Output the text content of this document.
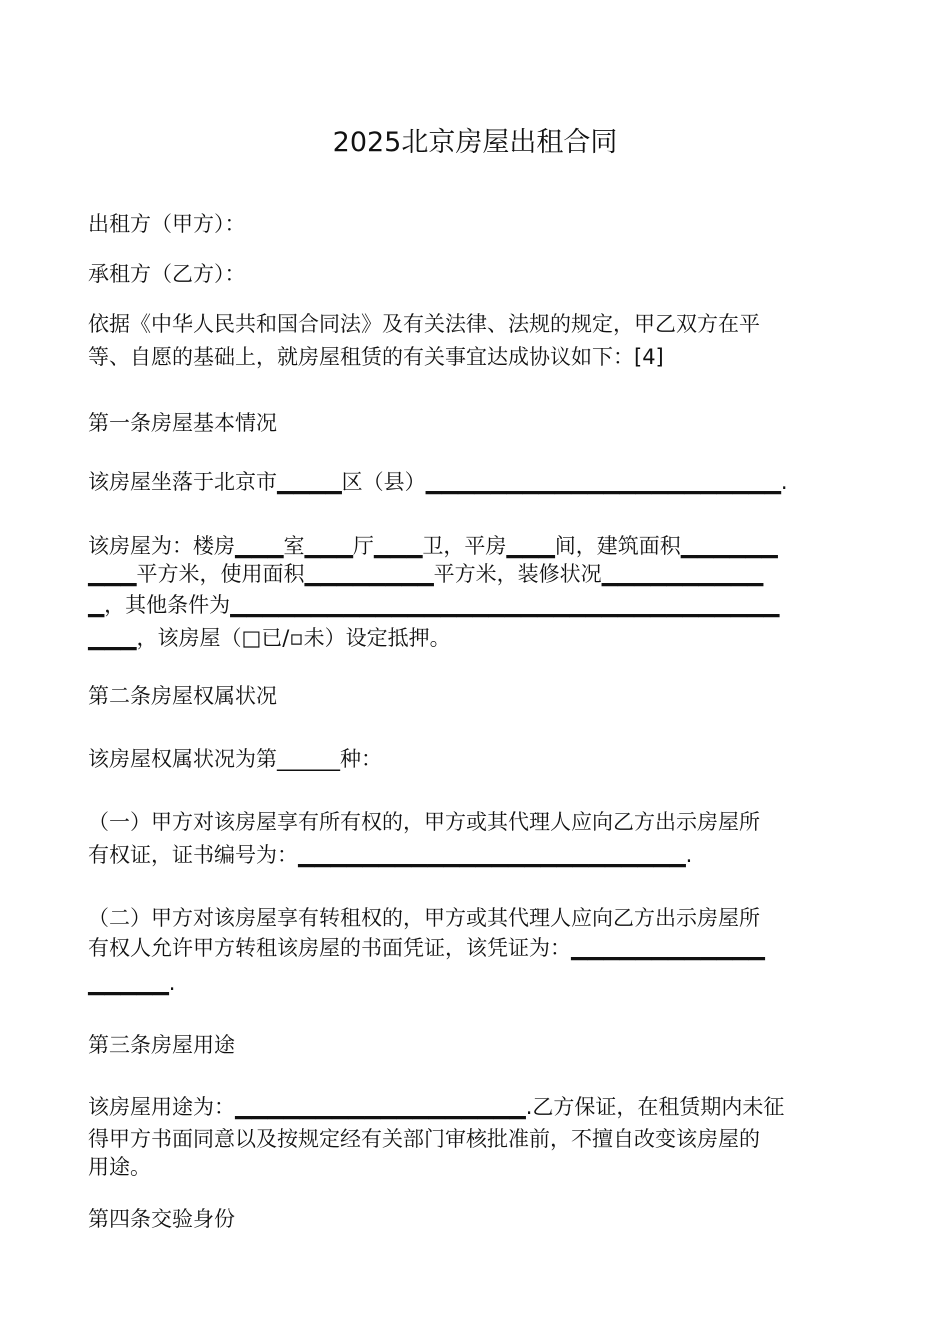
2025北京房屋出租合同
出租方（甲方）：
承租方（乙方）：
依据《中华人民共和国合同法》及有关法律、法规的规定，甲乙双方在平
等、自愿的基础上，就房屋租赁的有关事宜达成协议如下：[4]
第一条房屋基本情况
该房屋坐落于北京市▁▁▁▁区（县）▁▁▁▁▁▁▁▁▁▁▁▁▁▁▁▁▁▁▁▁▁▁.
该房屋为：楼房▁▁▁室▁▁▁厅▁▁▁卫，平房▁▁▁间，建筑面积▁▁▁▁▁▁
▁▁▁平方米，使用面积▁▁▁▁▁▁▁▁平方米，装修状况▁▁▁▁▁▁▁▁▁▁
▁，其他条件为▁▁▁▁▁▁▁▁▁▁▁▁▁▁▁▁▁▁▁▁▁▁▁▁▁▁▁▁▁▁▁▁▁▁
▁▁▁，该房屋（□已/▫未）设定抵押。
第二条房屋权属状况
该房屋权属状况为第______种：
（一）甲方对该房屋享有所有权的，甲方或其代理人应向乙方出示房屋所
有权证，证书编号为：▁▁▁▁▁▁▁▁▁▁▁▁▁▁▁▁▁▁▁▁▁▁▁▁.
（二）甲方对该房屋享有转租权的，甲方或其代理人应向乙方出示房屋所
有权人允许甲方转租该房屋的书面凭证，该凭证为：▁▁▁▁▁▁▁▁▁▁▁▁
▁▁▁▁▁.
第三条房屋用途
该房屋用途为：▁▁▁▁▁▁▁▁▁▁▁▁▁▁▁▁▁▁.乙方保证，在租赁期内未征
得甲方书面同意以及按规定经有关部门审核批准前，不擅自改变该房屋的
用途。
第四条交验身份
